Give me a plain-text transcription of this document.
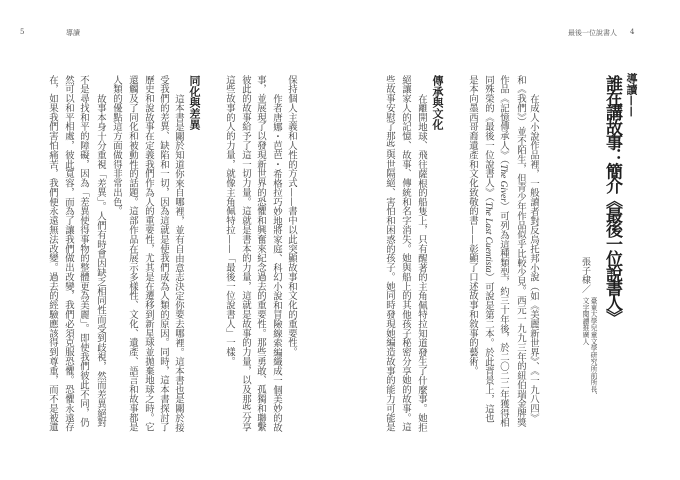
5	導讀
保持個人主義和人性的方式——書中以此突顯故事和文化的重要性。
作者唐娜・芭芭・希格拉巧妙地將家庭、科幻小說和冒險線索編織成一個美妙的故
事，並展現了以發現新世界的恐懼和興奮來紀念過去的重要性。那些勇敢、孤獨和聯繫
彼此的故事給予了這一切力量。這就是書本的力量，這就是故事的力量，以及那些分享
這些故事的人的力量，就像主角佩特拉——「最後一位說書人」一樣。
同化與差異
這本書是關於知道你來自哪裡，並有自由意志決定你要去哪裡。這本書也是關於接
受我們的差異、缺陷和一切，因為這就是使我們成為人類的原因。同時，這本書探討了
歷史和說故事在定義我們作為人的重要性，尤其是在遷移到新星球並拋棄地球之時。它
還觸及了同化和被動性的話題。這部作品在展示多樣性、文化、遺產、語言和故事都是
人類的優點這方面做得非常出色。
故事本身十分重視「差異」。人們有時會因缺乏相同性而受到歧視，然而差異絕對
不是尋找和平的障礙，因為「差異使得事物的整體更為美麗」。即使我們彼此不同，仍
然可以和平相處，彼此寬容，而為了讓我們做出改變，我們必須克服恐懼。恐懼永遠存
在，如果我們害怕痛苦，我們便永遠無法改變。過去的經驗應該得到尊重，而不是被遺
最後一位說書人 4
導讀——
誰在講故事：簡介《最後一位說書人》
張子棣／
臺東大學兒童文學研究所前所長、
文字閱讀推廣人
在成人小說作品裡，一般讀者對反烏托邦小說（如《美麗新世界》、《一九八四》
和《我們》）並不陌生，但青少年作品似乎比較少見。西元一九九三年的紐伯瑞金牌獎
作品《記憶傳承人》（The Giver）可列為這種類型，約三十年後，於二〇二二年獲得相
同殊榮的《最後一位說書人》（The Last Cuentista）可說是第二本。於此背景上，這也
是本向墨西哥裔遺產和文化致敬的書——彰顯了口述故事和敘事的藝術。
傳承與文化
在離開地球、飛往薩根的船隻上，只有醒著的主角佩特拉知道發生了什麼事。她拒
絕讓家人的記憶、故事、傳統和名字消失。她與船上的其他孩子秘密分享她的故事。這
些故事安慰了那些與世隔絕、害怕和困惑的孩子。她同時發現她編造故事的能力可能是
